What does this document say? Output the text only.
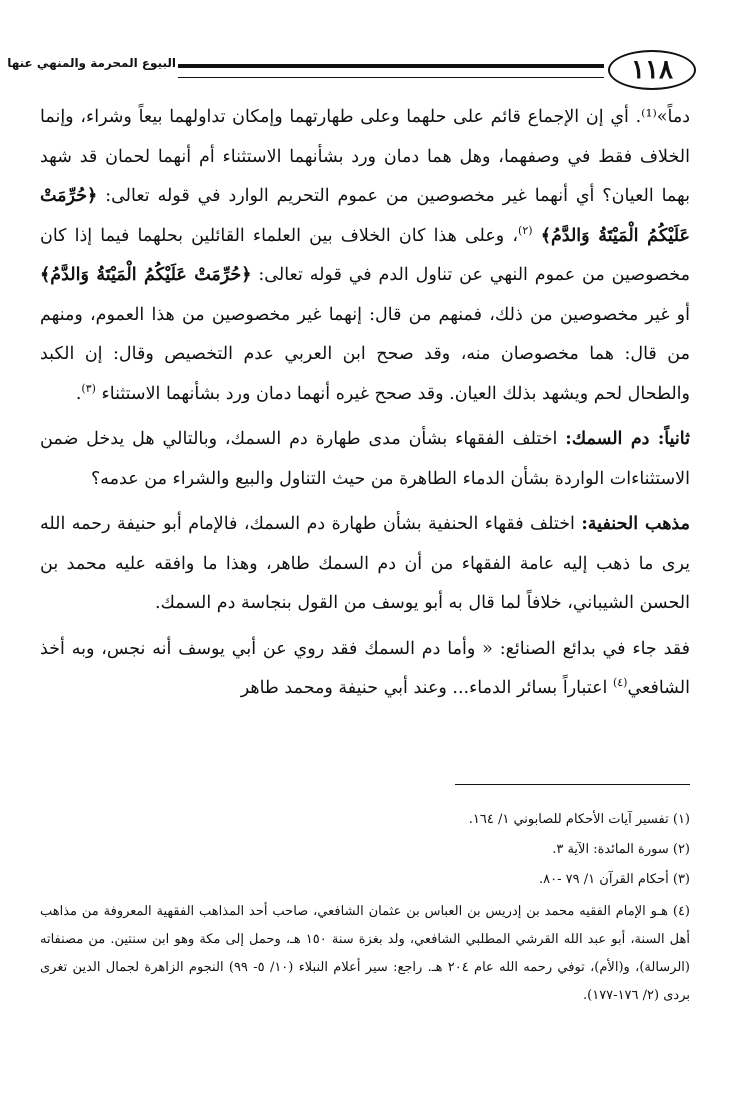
١١٨
البيوع المحرمة والمنهي عنها

دماً»⁽¹⁾. أي إن الإجماع قائم على حلهما وعلى طهارتهما وإمكان تداولهما بيعاً وشراء، وإنما الخلاف فقط في وصفهما، وهل هما دمان ورد بشأنهما الاستثناء أم أنهما لحمان قد شهد بهما العيان؟ أي أنهما غير مخصوصين من عموم التحريم الوارد في قوله تعالى: ﴿حُرِّمَتْ عَلَيْكُمُ الْمَيْتَةُ وَالدَّمُ﴾ $^{(٢)}$، وعلى هذا كان الخلاف بين العلماء القائلين بحلهما فيما إذا كان مخصوصين من عموم النهي عن تناول الدم في قوله تعالى: ﴿حُرِّمَتْ عَلَيْكُمُ الْمَيْتَةُ وَالدَّمُ﴾ أو غير مخصوصين من ذلك، فمنهم من قال: إنهما غير مخصوصين من هذا العموم، ومنهم من قال: هما مخصوصان منه، وقد صحح ابن العربي عدم التخصيص وقال: إن الكبد والطحال لحم ويشهد بذلك العيان. وقد صحح غيره أنهما دمان ورد بشأنهما الاستثناء $^{(٣)}$.

ثانياً: دم السمك: اختلف الفقهاء بشأن مدى طهارة دم السمك، وبالتالي هل يدخل ضمن الاستثناءات الواردة بشأن الدماء الطاهرة من حيث التناول والبيع والشراء من عدمه؟

مذهب الحنفية: اختلف فقهاء الحنفية بشأن طهارة دم السمك، فالإمام أبو حنيفة رحمه الله يرى ما ذهب إليه عامة الفقهاء من أن دم السمك طاهر، وهذا ما وافقه عليه محمد بن الحسن الشيباني، خلافاً لما قال به أبو يوسف من القول بنجاسة دم السمك.

فقد جاء في بدائع الصنائع: « وأما دم السمك فقد روي عن أبي يوسف أنه نجس، وبه أخذ الشافعي$^{(٤)}$ اعتباراً بسائر الدماء... وعند أبي حنيفة ومحمد طاهر

(١) تفسير آيات الأحكام للصابوني ١/ ١٦٤.

(٢) سورة المائدة: الآية ٣.

(٣) أحكام القرآن ١/ ٧٩ -٨٠.

(٤) هـو الإمام الفقيه محمد بن إدريس بن العباس بن عثمان الشافعي، صاحب أحد المذاهب الفقهية المعروفة من مذاهب أهل السنة، أبو عبد الله القرشي المطلبي الشافعي، ولد بغزة سنة ١٥٠ هـ، وحمل إلى مكة وهو ابن سنتين. من مصنفاته (الرسالة)، و(الأم)، توفي رحمه الله عام ٢٠٤ هـ. راجع: سير أعلام النبلاء (١٠/ ٥- ٩٩) النجوم الزاهرة لجمال الدين تغرى بردى (٢/ ١٧٦-١٧٧).
